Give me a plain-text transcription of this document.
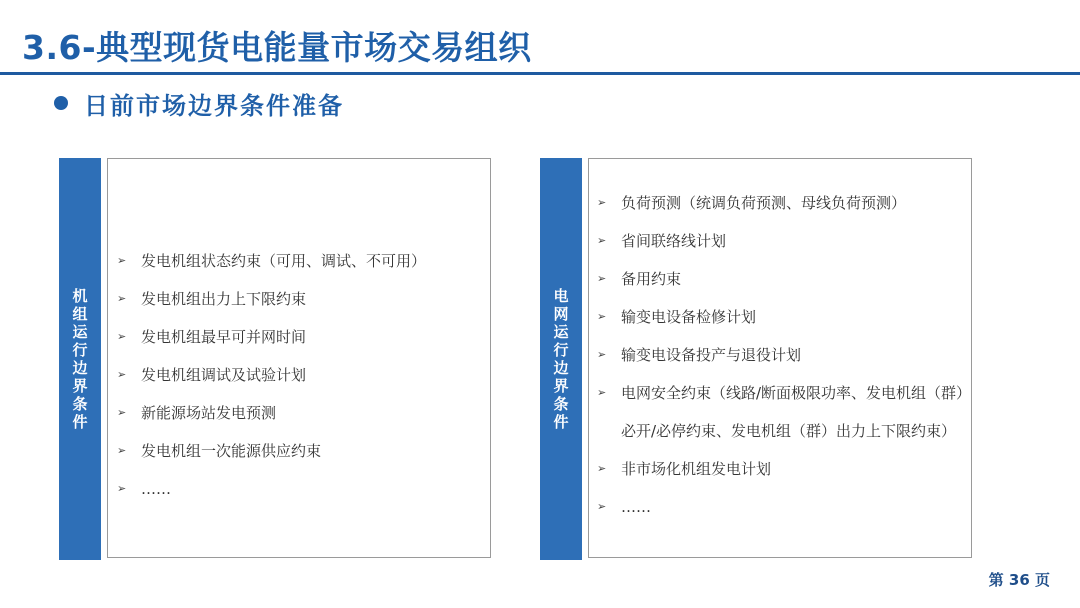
3.6-典型现货电能量市场交易组织
日前市场边界条件准备
机组运行边界条件
➢ 发电机组状态约束（可用、调试、不可用）
➢ 发电机组出力上下限约束
➢ 发电机组最早可并网时间
➢ 发电机组调试及试验计划
➢ 新能源场站发电预测
➢ 发电机组一次能源供应约束
➢ ……
电网运行边界条件
➢ 负荷预测（统调负荷预测、母线负荷预测）
➢ 省间联络线计划
➢ 备用约束
➢ 输变电设备检修计划
➢ 输变电设备投产与退役计划
➢ 电网安全约束（线路/断面极限功率、发电机组（群）必开/必停约束、发电机组（群）出力上下限约束）
➢ 非市场化机组发电计划
➢ ……
第 36 页
